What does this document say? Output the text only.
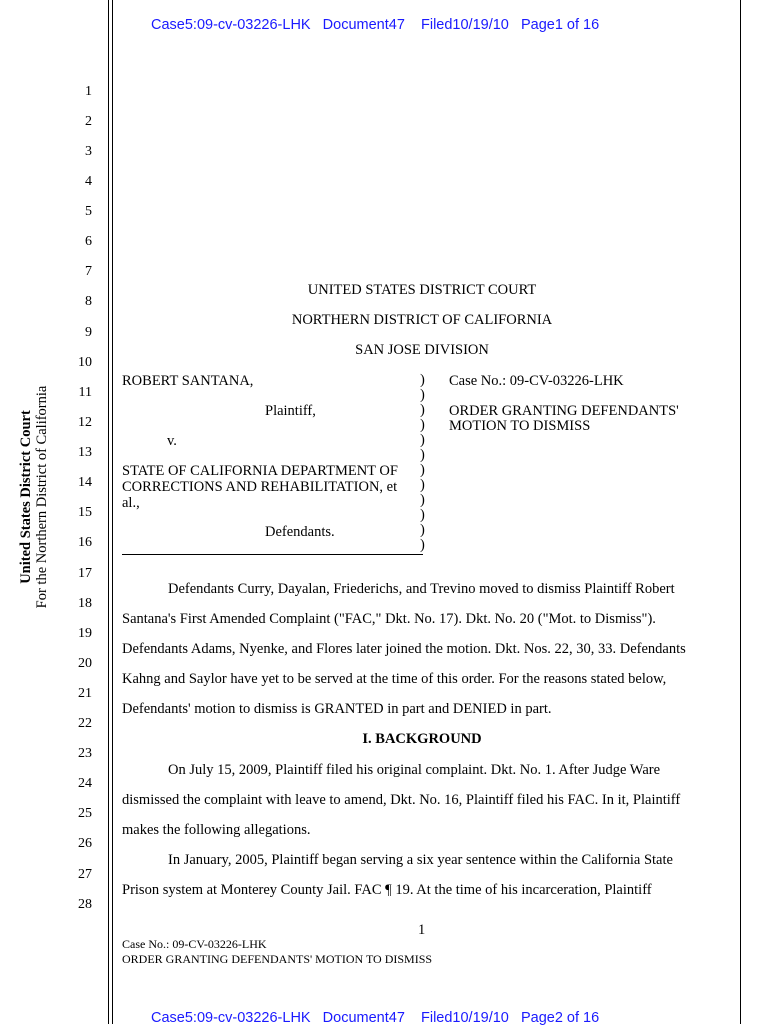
Case5:09-cv-03226-LHK   Document47    Filed10/19/10   Page1 of 16
Case5:09-cv-03226-LHK   Document47    Filed10/19/10   Page2 of 16
1
2
3
4
5
6
7
8
9
10
11
12
13
14
15
16
17
18
19
20
21
22
23
24
25
26
27
28
United States District Court For the Northern District of California
UNITED STATES DISTRICT COURT
NORTHERN DISTRICT OF CALIFORNIA
SAN JOSE DIVISION
ROBERT SANTANA,
Plaintiff,
v.
STATE OF CALIFORNIA DEPARTMENT OF
CORRECTIONS AND REHABILITATION, et
al.,
Defendants.
)
)
)
)
)
)
)
)
)
)
)
)
Case No.: 09-CV-03226-LHK
ORDER GRANTING DEFENDANTS'
MOTION TO DISMISS
Defendants Curry, Dayalan, Friederichs, and Trevino moved to dismiss Plaintiff Robert
Santana's First Amended Complaint ("FAC," Dkt. No. 17). Dkt. No. 20 ("Mot. to Dismiss").
Defendants Adams, Nyenke, and Flores later joined the motion. Dkt. Nos. 22, 30, 33. Defendants
Kahng and Saylor have yet to be served at the time of this order. For the reasons stated below,
Defendants' motion to dismiss is GRANTED in part and DENIED in part.
I. BACKGROUND
On July 15, 2009, Plaintiff filed his original complaint. Dkt. No. 1. After Judge Ware
dismissed the complaint with leave to amend, Dkt. No. 16, Plaintiff filed his FAC. In it, Plaintiff
makes the following allegations.
In January, 2005, Plaintiff began serving a six year sentence within the California State
Prison system at Monterey County Jail. FAC ¶ 19. At the time of his incarceration, Plaintiff
1
Case No.: 09-CV-03226-LHK
ORDER GRANTING DEFENDANTS' MOTION TO DISMISS
